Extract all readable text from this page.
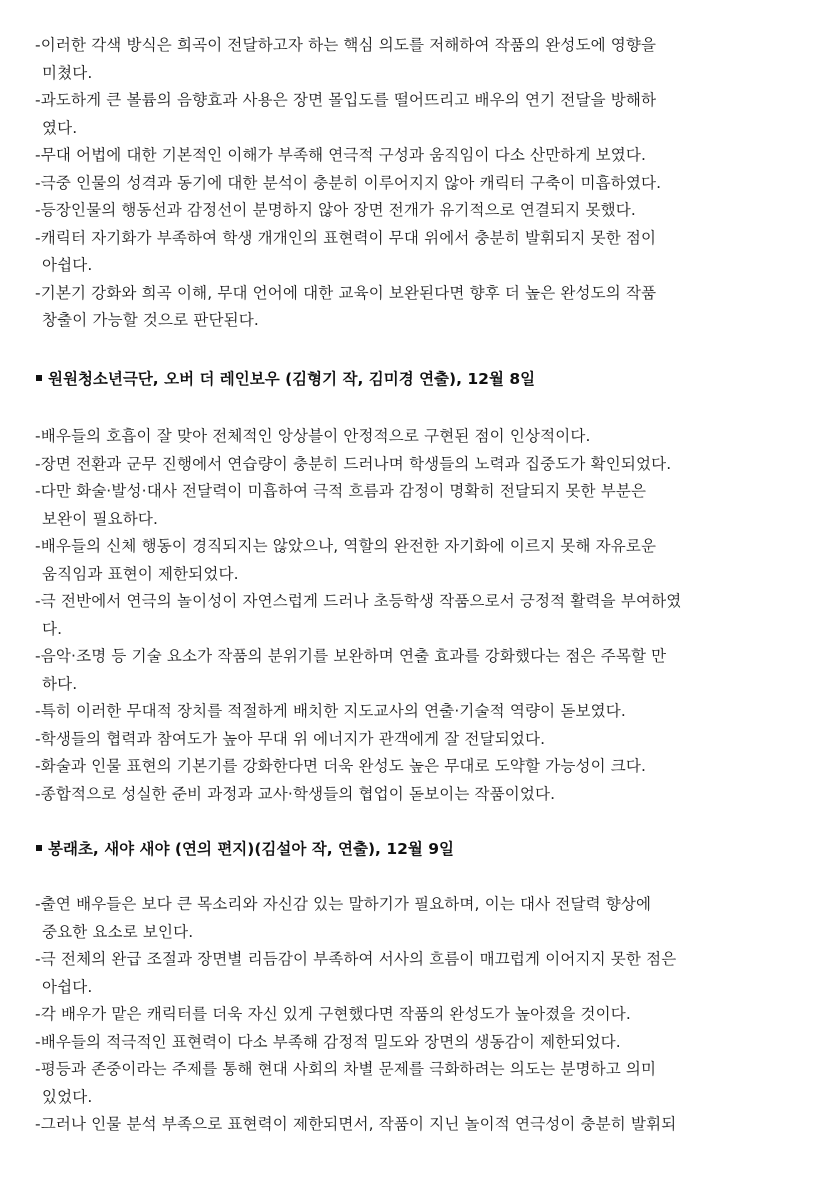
-이러한 각색 방식은 희곡이 전달하고자 하는 핵심 의도를 저해하여 작품의 완성도에 영향을
미쳤다.
-과도하게 큰 볼륨의 음향효과 사용은 장면 몰입도를 떨어뜨리고 배우의 연기 전달을 방해하
였다.
-무대 어법에 대한 기본적인 이해가 부족해 연극적 구성과 움직임이 다소 산만하게 보였다.
-극중 인물의 성격과 동기에 대한 분석이 충분히 이루어지지 않아 캐릭터 구축이 미흡하였다.
-등장인물의 행동선과 감정선이 분명하지 않아 장면 전개가 유기적으로 연결되지 못했다.
-캐릭터 자기화가 부족하여 학생 개개인의 표현력이 무대 위에서 충분히 발휘되지 못한 점이
아쉽다.
-기본기 강화와 희곡 이해, 무대 언어에 대한 교육이 보완된다면 향후 더 높은 완성도의 작품
창출이 가능할 것으로 판단된다.
원원청소년극단, 오버 더 레인보우 (김형기 작, 김미경 연출), 12월 8일
-배우들의 호흡이 잘 맞아 전체적인 앙상블이 안정적으로 구현된 점이 인상적이다.
-장면 전환과 군무 진행에서 연습량이 충분히 드러나며 학생들의 노력과 집중도가 확인되었다.
-다만 화술·발성·대사 전달력이 미흡하여 극적 흐름과 감정이 명확히 전달되지 못한 부분은
보완이 필요하다.
-배우들의 신체 행동이 경직되지는 않았으나, 역할의 완전한 자기화에 이르지 못해 자유로운
움직임과 표현이 제한되었다.
-극 전반에서 연극의 놀이성이 자연스럽게 드러나 초등학생 작품으로서 긍정적 활력을 부여하였
다.
-음악·조명 등 기술 요소가 작품의 분위기를 보완하며 연출 효과를 강화했다는 점은 주목할 만
하다.
-특히 이러한 무대적 장치를 적절하게 배치한 지도교사의 연출·기술적 역량이 돋보였다.
-학생들의 협력과 참여도가 높아 무대 위 에너지가 관객에게 잘 전달되었다.
-화술과 인물 표현의 기본기를 강화한다면 더욱 완성도 높은 무대로 도약할 가능성이 크다.
-종합적으로 성실한 준비 과정과 교사·학생들의 협업이 돋보이는 작품이었다.
봉래초, 새야 새야 (연의 편지)(김설아 작, 연출), 12월 9일
-출연 배우들은 보다 큰 목소리와 자신감 있는 말하기가 필요하며, 이는 대사 전달력 향상에
중요한 요소로 보인다.
-극 전체의 완급 조절과 장면별 리듬감이 부족하여 서사의 흐름이 매끄럽게 이어지지 못한 점은
아쉽다.
-각 배우가 맡은 캐릭터를 더욱 자신 있게 구현했다면 작품의 완성도가 높아졌을 것이다.
-배우들의 적극적인 표현력이 다소 부족해 감정적 밀도와 장면의 생동감이 제한되었다.
-평등과 존중이라는 주제를 통해 현대 사회의 차별 문제를 극화하려는 의도는 분명하고 의미
있었다.
-그러나 인물 분석 부족으로 표현력이 제한되면서, 작품이 지닌 놀이적 연극성이 충분히 발휘되
